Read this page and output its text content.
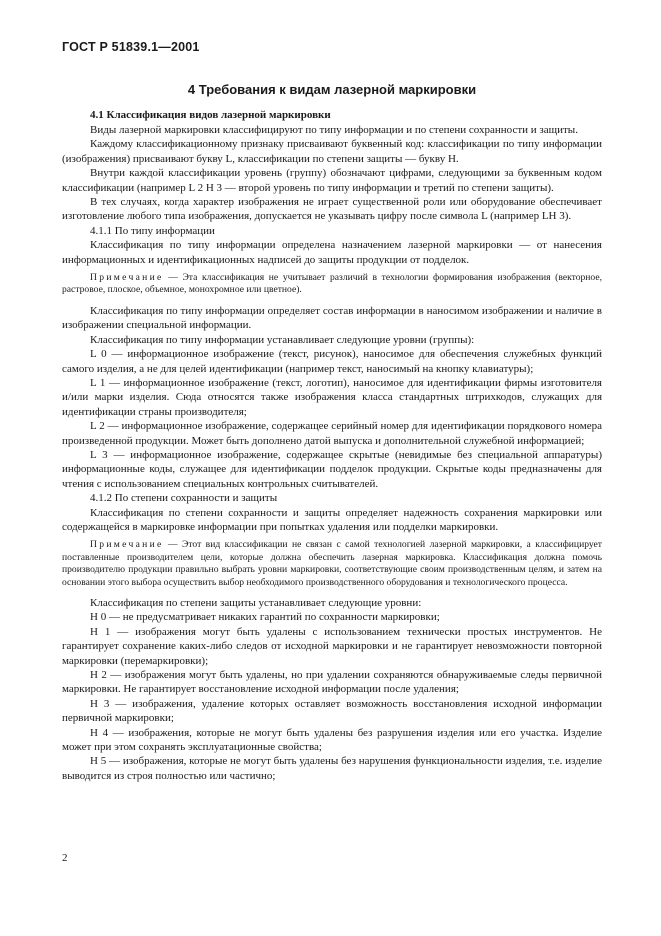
ГОСТ Р 51839.1—2001
4 Требования к видам лазерной маркировки
4.1 Классификация видов лазерной маркировки

Виды лазерной маркировки классифицируют по типу информации и по степени сохранности и защиты.

Каждому классификационному признаку присваивают буквенный код: классификации по типу информации (изображения) присваивают букву L, классификации по степени защиты — букву Н.

Внутри каждой классификации уровень (группу) обозначают цифрами, следующими за буквенным кодом классификации (например L 2 Н 3 — второй уровень по типу информации и третий по степени защиты).

В тех случаях, когда характер изображения не играет существенной роли или оборудование обеспечивает изготовление любого типа изображения, допускается не указывать цифру после символа L (например LН 3).

4.1.1 По типу информации

Классификация по типу информации определена назначением лазерной маркировки — от нанесения информационных и идентификационных надписей до защиты продукции от подделок.

Примечание — Эта классификация не учитывает различий в технологии формирования изображения (векторное, растровое, плоское, объемное, монохромное или цветное).

Классификация по типу информации определяет состав информации в наносимом изображении и наличие в изображении специальной информации.

Классификация по типу информации устанавливает следующие уровни (группы):

L 0 — информационное изображение (текст, рисунок), наносимое для обеспечения служебных функций самого изделия, а не для целей идентификации (например текст, наносимый на кнопку клавиатуры);

L 1 — информационное изображение (текст, логотип), наносимое для идентификации фирмы изготовителя и/или марки изделия. Сюда относятся также изображения класса стандартных штрихкодов, служащих для идентификации страны производителя;

L 2 — информационное изображение, содержащее серийный номер для идентификации порядкового номера произведенной продукции. Может быть дополнено датой выпуска и дополнительной служебной информацией;

L 3 — информационное изображение, содержащее скрытые (невидимые без специальной аппаратуры) информационные коды, служащее для идентификации подделок продукции. Скрытые коды предназначены для чтения с использованием специальных контрольных считывателей.

4.1.2 По степени сохранности и защиты

Классификация по степени сохранности и защиты определяет надежность сохранения маркировки или содержащейся в маркировке информации при попытках удаления или подделки маркировки.

Примечание — Этот вид классификации не связан с самой технологией лазерной маркировки, а классифицирует поставленные производителем цели, которые должна обеспечить лазерная маркировка. Классификация должна помочь производителю продукции правильно выбрать уровни маркировки, соответствующие своим производственным целям, и затем на основании этого выбора осуществить выбор необходимого производственного оборудования и технологического процесса.

Классификация по степени защиты устанавливает следующие уровни:

Н 0 — не предусматривает никаких гарантий по сохранности маркировки;

Н 1 — изображения могут быть удалены с использованием технически простых инструментов. Не гарантирует сохранение каких-либо следов от исходной маркировки и не гарантирует невозможности повторной маркировки (перемаркировки);

Н 2 — изображения могут быть удалены, но при удалении сохраняются обнаруживаемые следы первичной маркировки. Не гарантирует восстановление исходной информации после удаления;

Н 3 — изображения, удаление которых оставляет возможность восстановления исходной информации первичной маркировки;

Н 4 — изображения, которые не могут быть удалены без разрушения изделия или его участка. Изделие может при этом сохранять эксплуатационные свойства;

Н 5 — изображения, которые не могут быть удалены без нарушения функциональности изделия, т.е. изделие выводится из строя полностью или частично;

2
